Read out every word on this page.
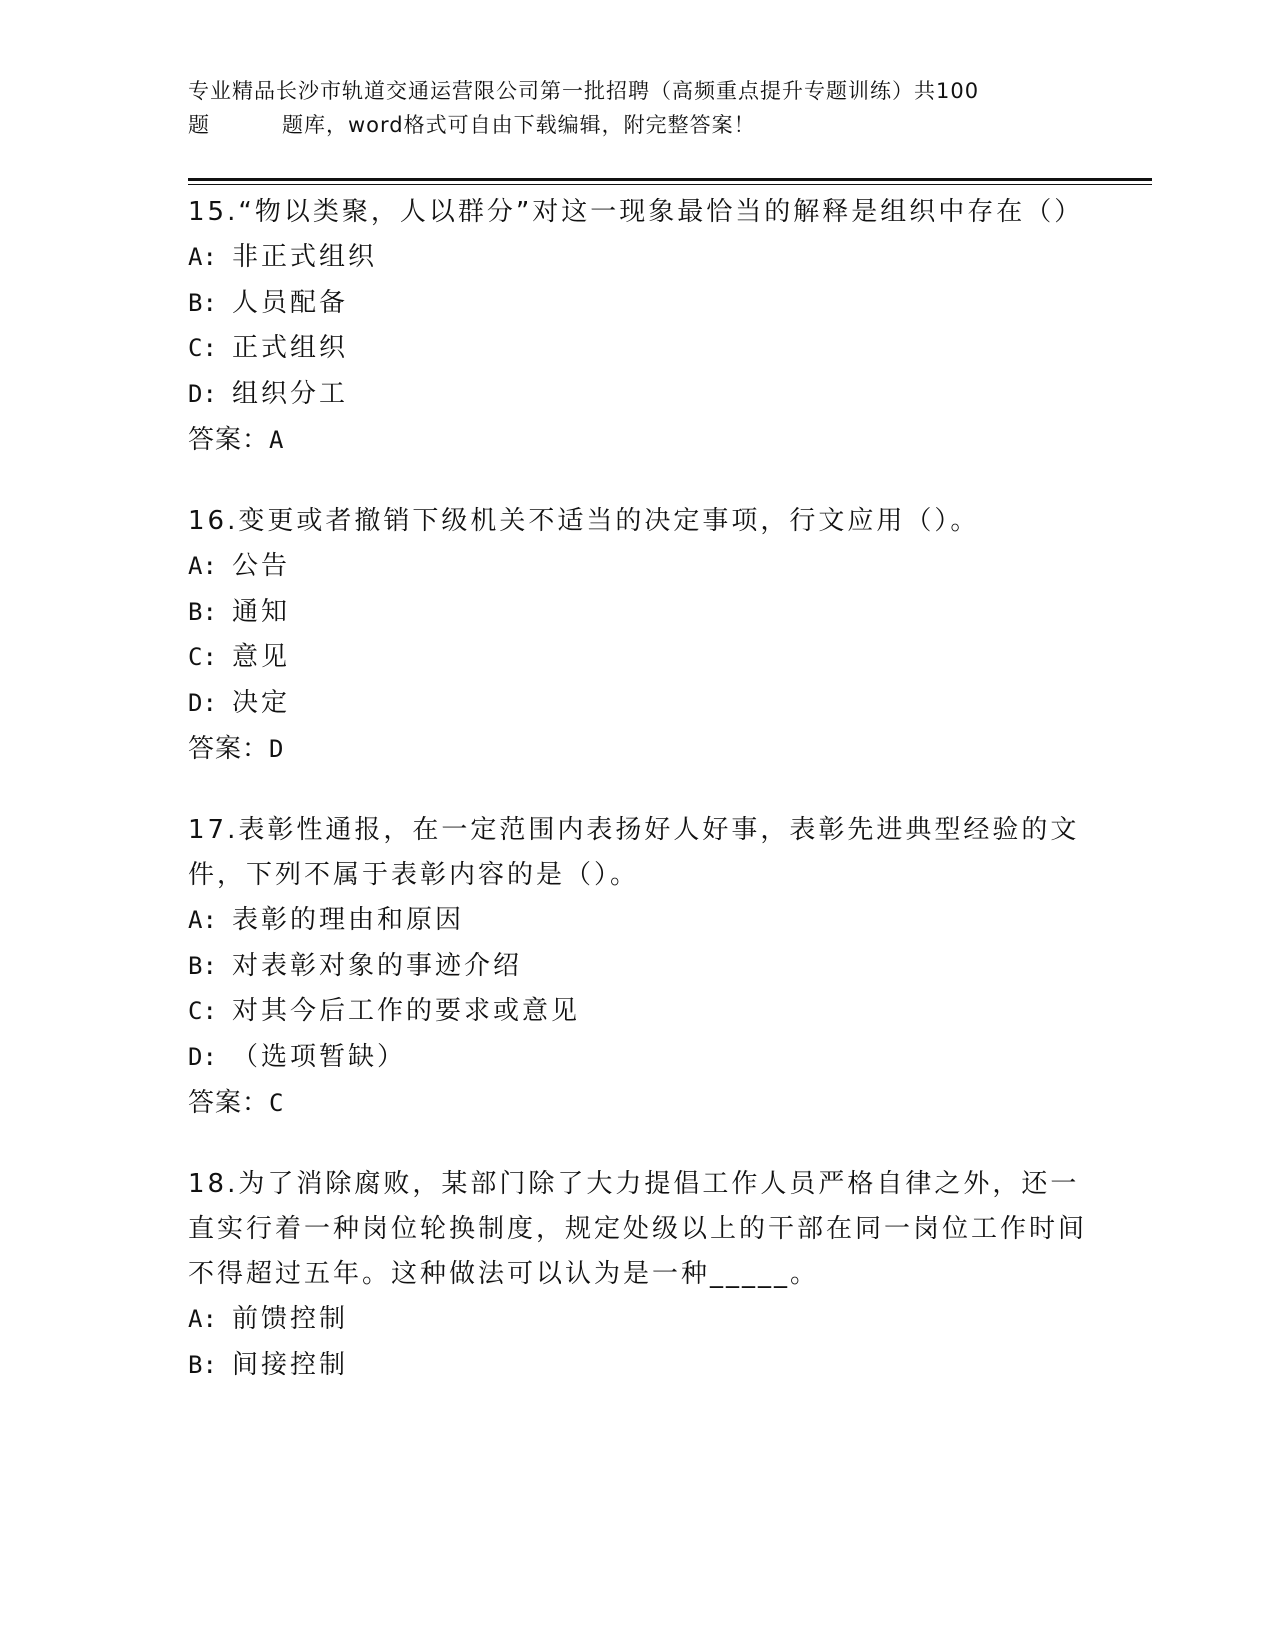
专业精品长沙市轨道交通运营限公司第一批招聘（高频重点提升专题训练）共100
题	题库，word格式可自由下载编辑，附完整答案！

15.“物以类聚，人以群分”对这一现象最恰当的解释是组织中存在（）

A: 非正式组织
B: 人员配备
C: 正式组织
D: 组织分工

答案：A

16.变更或者撤销下级机关不适当的决定事项，行文应用（）。

A: 公告
B: 通知
C: 意见
D: 决定

答案：D

17.表彰性通报，在一定范围内表扬好人好事，表彰先进典型经验的文件，下列不属于表彰内容的是（）。

A: 表彰的理由和原因
B: 对表彰对象的事迹介绍
C: 对其今后工作的要求或意见
D: （选项暂缺）

答案：C

18.为了消除腐败，某部门除了大力提倡工作人员严格自律之外，还一直实行着一种岗位轮换制度，规定处级以上的干部在同一岗位工作时间不得超过五年。这种做法可以认为是一种_____。

A: 前馈控制
B: 间接控制
